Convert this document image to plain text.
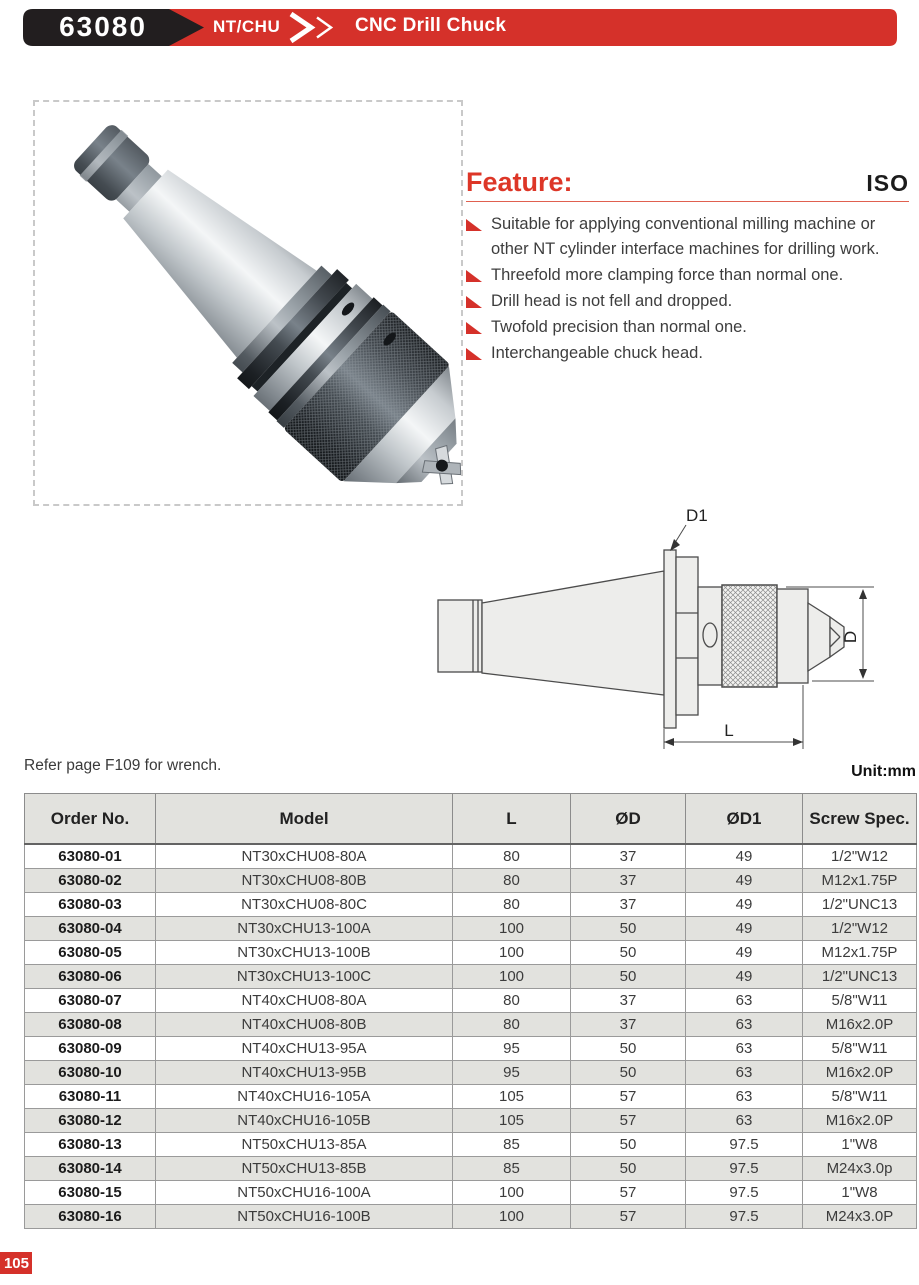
63080	NT/CHU	CNC Drill Chuck
Feature:	ISO
Suitable for applying conventional milling machine or other NT cylinder interface machines for drilling work.
Threefold more clamping force than normal one.
Drill head is not fell and dropped.
Twofold precision than normal one.
Interchangeable chuck head.
D1
D
L
Refer page F109 for wrench.	Unit:mm
Order No.	Model	L	ØD	ØD1	Screw Spec.
63080-01	NT30xCHU08-80A	80	37	49	1/2"W12
63080-02	NT30xCHU08-80B	80	37	49	M12x1.75P
63080-03	NT30xCHU08-80C	80	37	49	1/2"UNC13
63080-04	NT30xCHU13-100A	100	50	49	1/2"W12
63080-05	NT30xCHU13-100B	100	50	49	M12x1.75P
63080-06	NT30xCHU13-100C	100	50	49	1/2"UNC13
63080-07	NT40xCHU08-80A	80	37	63	5/8"W11
63080-08	NT40xCHU08-80B	80	37	63	M16x2.0P
63080-09	NT40xCHU13-95A	95	50	63	5/8"W11
63080-10	NT40xCHU13-95B	95	50	63	M16x2.0P
63080-11	NT40xCHU16-105A	105	57	63	5/8"W11
63080-12	NT40xCHU16-105B	105	57	63	M16x2.0P
63080-13	NT50xCHU13-85A	85	50	97.5	1"W8
63080-14	NT50xCHU13-85B	85	50	97.5	M24x3.0p
63080-15	NT50xCHU16-100A	100	57	97.5	1"W8
63080-16	NT50xCHU16-100B	100	57	97.5	M24x3.0P
105
